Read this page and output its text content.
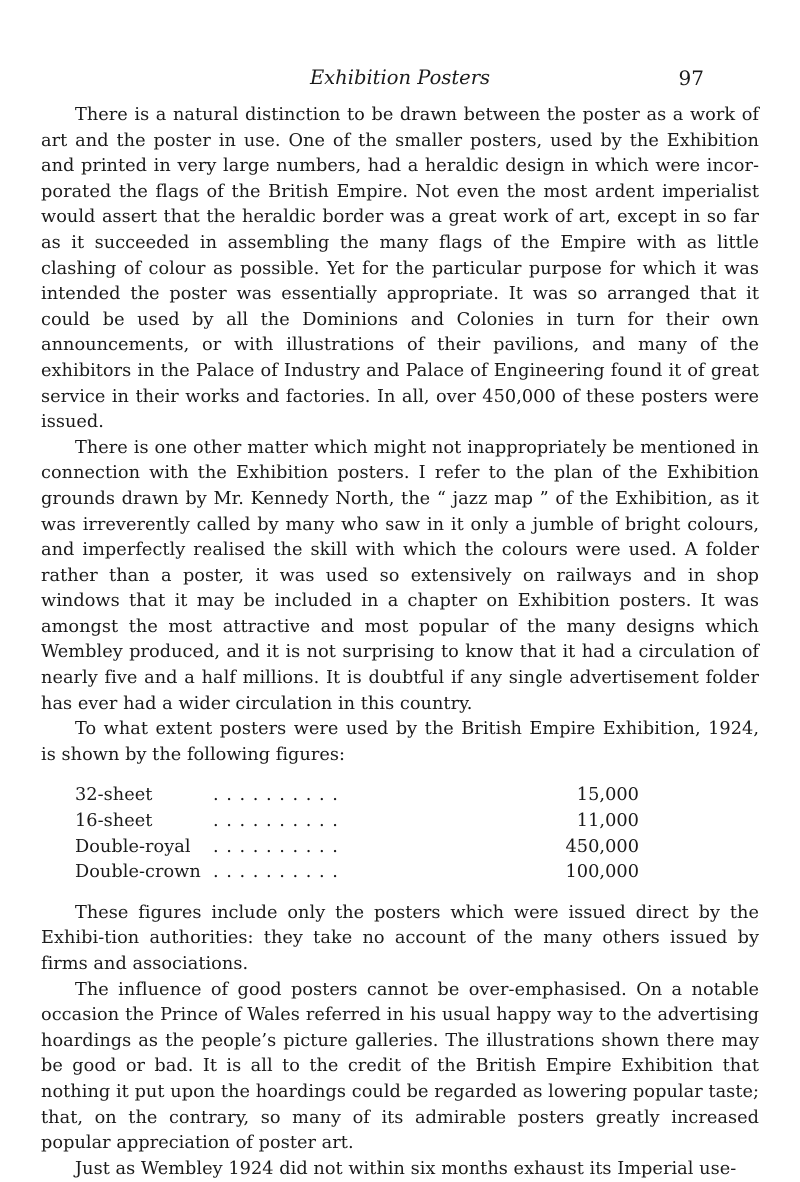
Exhibition Posters	97

There is a natural distinction to be drawn between the poster as a work of art and the poster in use. One of the smaller posters, used by the Exhibition and printed in very large numbers, had a heraldic design in which were incor-porated the flags of the British Empire. Not even the most ardent imperialist would assert that the heraldic border was a great work of art, except in so far as it succeeded in assembling the many flags of the Empire with as little clashing of colour as possible. Yet for the particular purpose for which it was intended the poster was essentially appropriate. It was so arranged that it could be used by all the Dominions and Colonies in turn for their own announcements, or with illustrations of their pavilions, and many of the exhibitors in the Palace of Industry and Palace of Engineering found it of great service in their works and factories. In all, over 450,000 of these posters were issued.

There is one other matter which might not inappropriately be mentioned in connection with the Exhibition posters. I refer to the plan of the Exhibition grounds drawn by Mr. Kennedy North, the “ jazz map ” of the Exhibition, as it was irreverently called by many who saw in it only a jumble of bright colours, and imperfectly realised the skill with which the colours were used. A folder rather than a poster, it was used so extensively on railways and in shop windows that it may be included in a chapter on Exhibition posters. It was amongst the most attractive and most popular of the many designs which Wembley produced, and it is not surprising to know that it had a circulation of nearly five and a half millions. It is doubtful if any single advertisement folder has ever had a wider circulation in this country.

To what extent posters were used by the British Empire Exhibition, 1924, is shown by the following figures:

32-sheet	. . . . . . . . . .	15,000
16-sheet	. . . . . . . . . .	11,000
Double-royal	. . . . . . . . . .	450,000
Double-crown . . . . . . . . . .	100,000

These figures include only the posters which were issued direct by the Exhibi-tion authorities: they take no account of the many others issued by firms and associations.

The influence of good posters cannot be over-emphasised. On a notable occasion the Prince of Wales referred in his usual happy way to the advertising hoardings as the people’s picture galleries. The illustrations shown there may be good or bad. It is all to the credit of the British Empire Exhibition that nothing it put upon the hoardings could be regarded as lowering popular taste; that, on the contrary, so many of its admirable posters greatly increased popular appreciation of poster art.

Just as Wembley 1924 did not within six months exhaust its Imperial use-
